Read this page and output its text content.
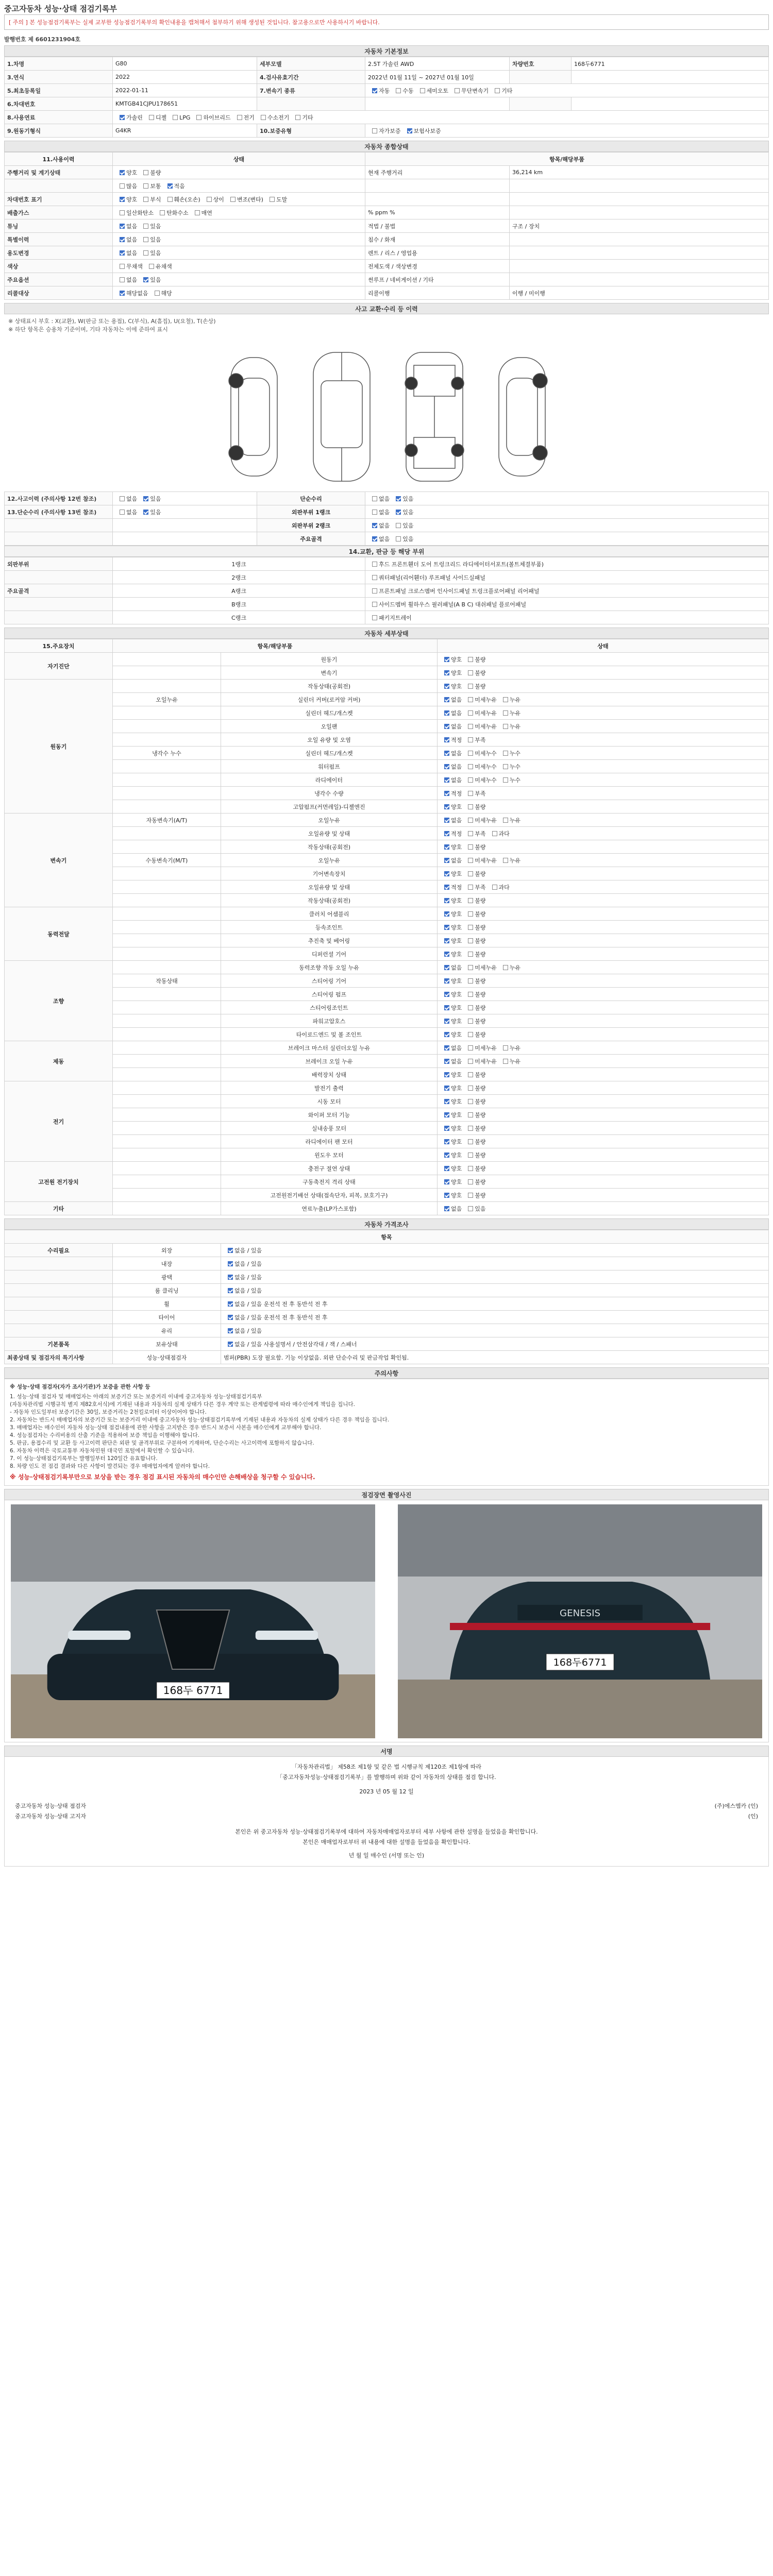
중고자동차 성능·상태 점검기록부
[ 주의 ] 본 성능점검기록부는 실제 교부한 성능점검기록부의 확인내용을 캡쳐해서 첨부하기 위해 생성된 것입니다. 참고용으로만 사용하시기 바랍니다.
발행번호 제 6601231904호
자동차 기본정보
1.차명	G80	세부모델	2.5T 가솔린 AWD	차량번호	168두6771
3.연식	2022	4.검사유효기간	2022년 01월 11일 ~ 2027년 01월 10일		
5.최초등록일	2022-01-11	7.변속기 종류	자동 수동 세미오토 무단변속기 기타		
6.차대번호	KMTGB41CJPU178651				
8.사용연료	가솔린 디젤 LPG 하이브리드 전기 수소전기 기타				
9.원동기형식	G4KR	10.보증유형	자가보증 보험사보증		
자동차 종합상태
11.사용이력	상태	항목/해당부품	
주행거리 및 계기상태	양호 불량	현재 주행거리	36,214 km
	많음 보통 적음		
차대번호 표기	양호 부식 훼손(오손) 상이 변조(변타) 도말		
배출가스	일산화탄소 탄화수소 매연	% ppm %	
튜닝	없음 있음	적법 / 불법	구조 / 장치
특별이력	없음 있음	침수 / 화재	
용도변경	없음 있음	렌트 / 리스 / 영업용	
색상	무채색 유채색	전체도색 / 색상변경	
주요옵션	없음 있음	썬루프 / 네비게이션 / 기타	
리콜대상	해당없음 해당	리콜이행	이행 / 미이행
사고 교환·수리 등 이력
※ 상태표시 부호 : X(교환), W(판금 또는 용접), C(부식), A(흠집), U(요철), T(손상)
※ 하단 항목은 승용차 기준이며, 기타 자동차는 이에 준하여 표시
12.사고이력 (주의사항 12번 참조)	없음 있음	단순수리	없음 있음
13.단순수리 (주의사항 13번 참조)	없음 있음	외판부위 1랭크	없음 있음
		외판부위 2랭크	없음 있음
		주요골격	없음 있음
14.교환, 판금 등 해당 부위
외판부위	1랭크	후드 프론트휀더 도어 트렁크리드 라디에이터서포트(볼트체결부품)
	2랭크	쿼터패널(리어휀더) 루프패널 사이드실패널
주요골격	A랭크	프론트패널 크로스멤버 인사이드패널 트렁크플로어패널 리어패널
	B랭크	사이드멤버 휠하우스 필러패널(A B C) 대쉬패널 플로어패널
	C랭크	패키지트레이
자동차 세부상태
15.주요장치	항목/해당부품		상태
자기진단		원동기	양호 불량
		변속기	양호 불량
원동기		작동상태(공회전)	양호 불량
	오일누유	실린더 커버(로커암 커버)	없음 미세누유 누유
		실린더 헤드/개스켓	없음 미세누유 누유
		오일팬	없음 미세누유 누유
		오일 유량 및 오염	적정 부족
	냉각수 누수	실린더 헤드/개스켓	없음 미세누수 누수
		워터펌프	없음 미세누수 누수
		라디에이터	없음 미세누수 누수
		냉각수 수량	적정 부족
		고압펌프(커먼레일)-디젤엔진	양호 불량
변속기	자동변속기(A/T)	오일누유	없음 미세누유 누유
		오일유량 및 상태	적정 부족 과다
		작동상태(공회전)	양호 불량
	수동변속기(M/T)	오일누유	없음 미세누유 누유
		기어변속장치	양호 불량
		오일유량 및 상태	적정 부족 과다
		작동상태(공회전)	양호 불량
동력전달		클러치 어셈블리	양호 불량
		등속조인트	양호 불량
		추진축 및 베어링	양호 불량
		디퍼런셜 기어	양호 불량
조향		동력조향 작동 오일 누유	없음 미세누유 누유
	작동상태	스티어링 기어	양호 불량
		스티어링 펌프	양호 불량
		스티어링조인트	양호 불량
		파워고압호스	양호 불량
		타이로드엔드 및 볼 조인트	양호 불량
제동		브레이크 마스터 실린더오일 누유	없음 미세누유 누유
		브레이크 오일 누유	없음 미세누유 누유
		배력장치 상태	양호 불량
전기		발전기 출력	양호 불량
		시동 모터	양호 불량
		와이퍼 모터 기능	양호 불량
		실내송풍 모터	양호 불량
		라디에이터 팬 모터	양호 불량
		윈도우 모터	양호 불량
고전원 전기장치		충전구 절연 상태	양호 불량
		구동축전지 격리 상태	양호 불량
		고전원전기배선 상태(접속단자, 피복, 보호기구)	양호 불량
기타		연료누출(LP가스포함)	없음 있음
자동차 가격조사
항목		
수리필요	외장	없음 / 있음
	내장	없음 / 있음
	광택	없음 / 있음
	룸 클리닝	없음 / 있음
	휠	없음 / 있음 운전석 전 후 동반석 전 후
	타이어	없음 / 있음 운전석 전 후 동반석 전 후
	유리	없음 / 있음
기본품목	보유상태	없음 / 있음 사용설명서 / 안전삼각대 / 잭 / 스패너
최종상태 및 점검자의 특기사항	성능·상태점검자	범퍼(PBR) 도장 필요함. 기능 이상없음. 외판 단순수리 및 판금작업 확인됨.
주의사항
※ 성능·상태 점검자(자가 조사기관)가 보증을 관한 사항 등
1. 성능·상태 점검자 및 매매업자는 아래의 보증기간 또는 보증거리 이내에 중고자동차 성능·상태점검기록부
(자동차관리법 시행규칙 별지 제82호서식)에 기재된 내용과 자동차의 실제 상태가 다른 경우 계약 또는 관계법령에 따라 매수인에게 책임을 집니다.
- 자동차 인도일부터 보증기간은 30일, 보증거리는 2천킬로미터 이상이어야 합니다.
2. 자동차는 반드시 매매업자의 보증기간 또는 보증거리 이내에 중고자동차 성능·상태점검기록부에 기재된 내용과 자동차의 실제 상태가 다른 경우 책임을 집니다.
3. 매매업자는 매수인이 자동차 성능·상태 점검내용에 관한 사항을 고지받은 경우 반드시 보증서 사본을 매수인에게 교부해야 합니다.
4. 성능점검자는 수리비용의 산출 기준을 적용하여 보증 책임을 이행해야 합니다.
5. 판금, 용접수리 및 교환 등 사고이력 판단은 외판 및 골격부위로 구분하여 기재하며, 단순수리는 사고이력에 포함하지 않습니다.
6. 자동차 이력은 국토교통부 자동차민원 대국민 포털에서 확인할 수 있습니다.
7. 이 성능·상태점검기록부는 발행일부터 120일간 유효합니다.
8. 차량 인도 전 점검 결과와 다른 사항이 발견되는 경우 매매업자에게 알려야 합니다.
※ 성능·상태점검기록부만으로 보상을 받는 경우 점검 표시된 자동차의 매수인만 손해배상을 청구할 수 있습니다.
점검장면 촬영사진
168두 6771
GENESIS
168두6771
서명
「자동차관리법」 제58조 제1항 및 같은 법 시행규칙 제120조 제1항에 따라
「중고자동차성능·상태점검기록부」를 발행하며 위와 같이 자동차의 상태를 점검 합니다.
2023 년 05 월 12 일
중고자동차 성능·상태 점검자	(주)에스엠카 (인)
중고자동차 성능·상태 고지자	(인)
본인은 위 중고자동차 성능·상태점검기록부에 대하여 자동차매매업자로부터 세부 사항에 관한 설명을 들었음을 확인합니다.
본인은 매매업자로부터 위 내용에 대한 설명을 들었음을 확인합니다.
년 월 일 매수인 (서명 또는 인)
